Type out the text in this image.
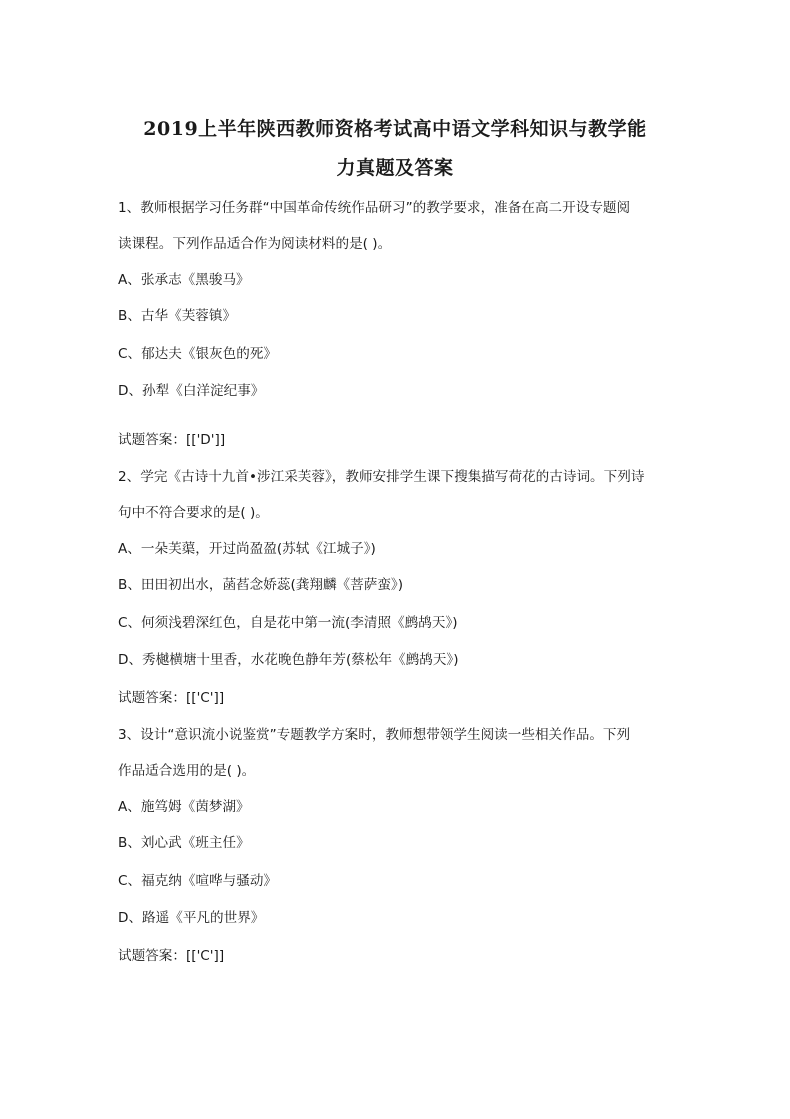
2019上半年陕西教师资格考试高中语文学科知识与教学能
力真题及答案
1、教师根据学习任务群“中国革命传统作品研习”的教学要求，准备在高二开设专题阅
读课程。下列作品适合作为阅读材料的是( )。
A、张承志《黑骏马》
B、古华《芙蓉镇》
C、郁达夫《银灰色的死》
D、孙犁《白洋淀纪事》
试题答案：[['D']]
2、学完《古诗十九首•涉江采芙蓉》，教师安排学生课下搜集描写荷花的古诗词。下列诗
句中不符合要求的是( )。
A、一朵芙蕖，开过尚盈盈(苏轼《江城子》)
B、田田初出水，菡萏念娇蕊(龚翔麟《菩萨蛮》)
C、何须浅碧深红色，自是花中第一流(李清照《鹧鸪天》)
D、秀樾横塘十里香，水花晚色静年芳(蔡松年《鹧鸪天》)
试题答案：[['C']]
3、设计“意识流小说鉴赏”专题教学方案时，教师想带领学生阅读一些相关作品。下列
作品适合选用的是( )。
A、施笃姆《茵梦湖》
B、刘心武《班主任》
C、福克纳《喧哗与骚动》
D、路遥《平凡的世界》
试题答案：[['C']]
